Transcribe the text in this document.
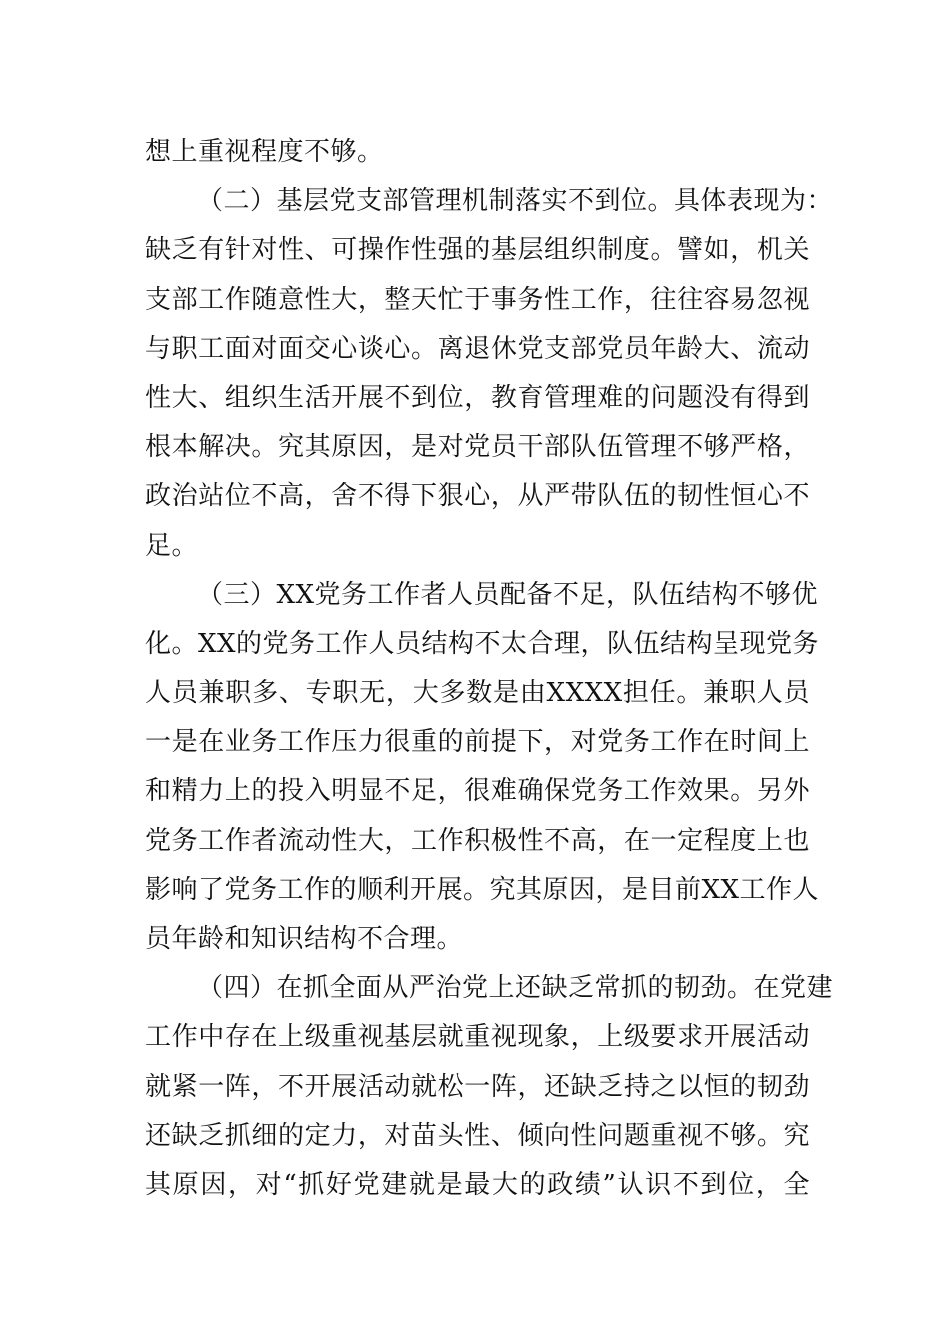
想上重视程度不够。
（二）基层党支部管理机制落实不到位。具体表现为：
缺乏有针对性、可操作性强的基层组织制度。譬如，机关
支部工作随意性大，整天忙于事务性工作，往往容易忽视
与职工面对面交心谈心。离退休党支部党员年龄大、流动
性大、组织生活开展不到位，教育管理难的问题没有得到
根本解决。究其原因，是对党员干部队伍管理不够严格，
政治站位不高，舍不得下狠心，从严带队伍的韧性恒心不
足。
（三）XX党务工作者人员配备不足，队伍结构不够优
化。XX的党务工作人员结构不太合理，队伍结构呈现党务
人员兼职多、专职无，大多数是由XXXX担任。兼职人员
一是在业务工作压力很重的前提下，对党务工作在时间上
和精力上的投入明显不足，很难确保党务工作效果。另外
党务工作者流动性大，工作积极性不高，在一定程度上也
影响了党务工作的顺利开展。究其原因，是目前XX工作人
员年龄和知识结构不合理。
（四）在抓全面从严治党上还缺乏常抓的韧劲。在党建
工作中存在上级重视基层就重视现象，上级要求开展活动
就紧一阵，不开展活动就松一阵，还缺乏持之以恒的韧劲
还缺乏抓细的定力，对苗头性、倾向性问题重视不够。究
其原因，对“抓好党建就是最大的政绩”认识不到位，全
